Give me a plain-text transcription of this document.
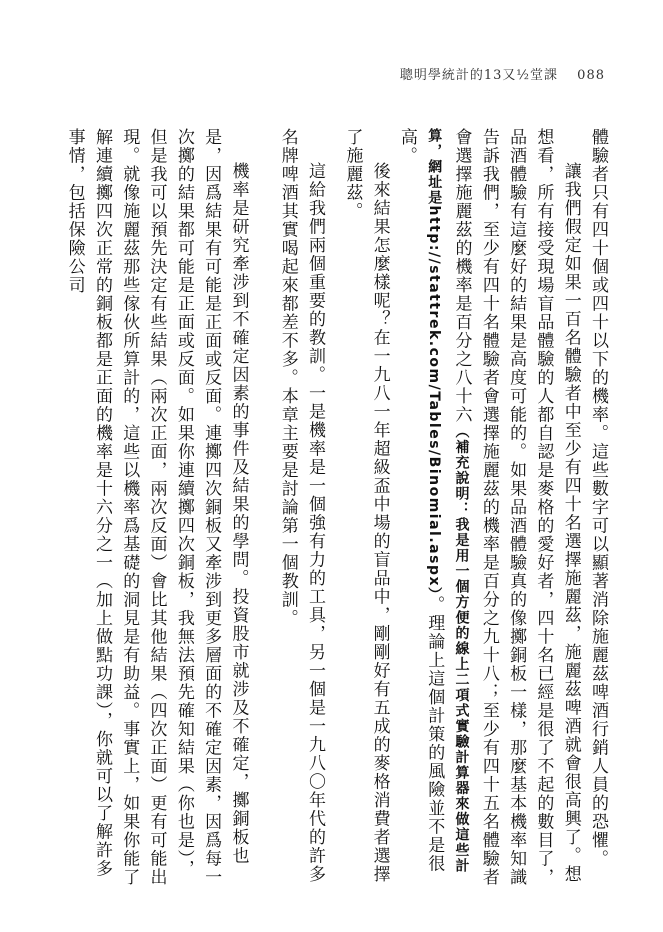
聰明學統計的13又½堂課 088

體驗者只有四十個或四十以下的機率。這些數字可以顯著消除施麗茲啤酒行銷人員的恐懼。

讓我們假定如果一百名體驗者中至少有四十名選擇施麗茲，施麗茲啤酒就會很高興了。想想看，所有接受現場盲品體驗的人都自認是麥格的愛好者，四十名已經是很了不起的數目了，品酒體驗有這麼好的結果是高度可能的。如果品酒體驗真的像擲銅板一樣，那麼基本機率知識告訴我們，至少有四十名體驗者會選擇施麗茲的機率是百分之九十八；至少有四十五名體驗者會選擇施麗茲的機率是百分之八十六（補充說明：我是用一個方便的線上二項式實驗計算器來做這些計算，網址是http://stattrek.com/Tables/Binomial.aspx）。理論上這個計策的風險並不是很高。

後來結果怎麼樣呢？在一九八一年超級盃中場的盲品中，剛剛好有五成的麥格消費者選擇了施麗茲。

這給我們兩個重要的教訓。一是機率是一個強有力的工具，另一個是一九八〇年代的許多名牌啤酒其實喝起來都差不多。本章主要是討論第一個教訓。

機率是研究牽涉到不確定因素的事件及結果的學問。投資股市就涉及不確定，擲銅板也是，因爲結果有可能是正面或反面。連擲四次銅板又牽涉到更多層面的不確定因素，因爲每一次擲的結果都可能是正面或反面。如果你連續擲四次銅板，我無法預先確知結果（你也是），但是我可以預先決定有些結果（兩次正面，兩次反面）會比其他結果（四次正面）更有可能出現。就像施麗茲那些傢伙所算計的，這些以機率爲基礎的洞見是有助益。事實上，如果你能了解連續擲四次正常的銅板都是正面的機率是十六分之一（加上做點功課），你就可以了解許多事情，包括保險公司
